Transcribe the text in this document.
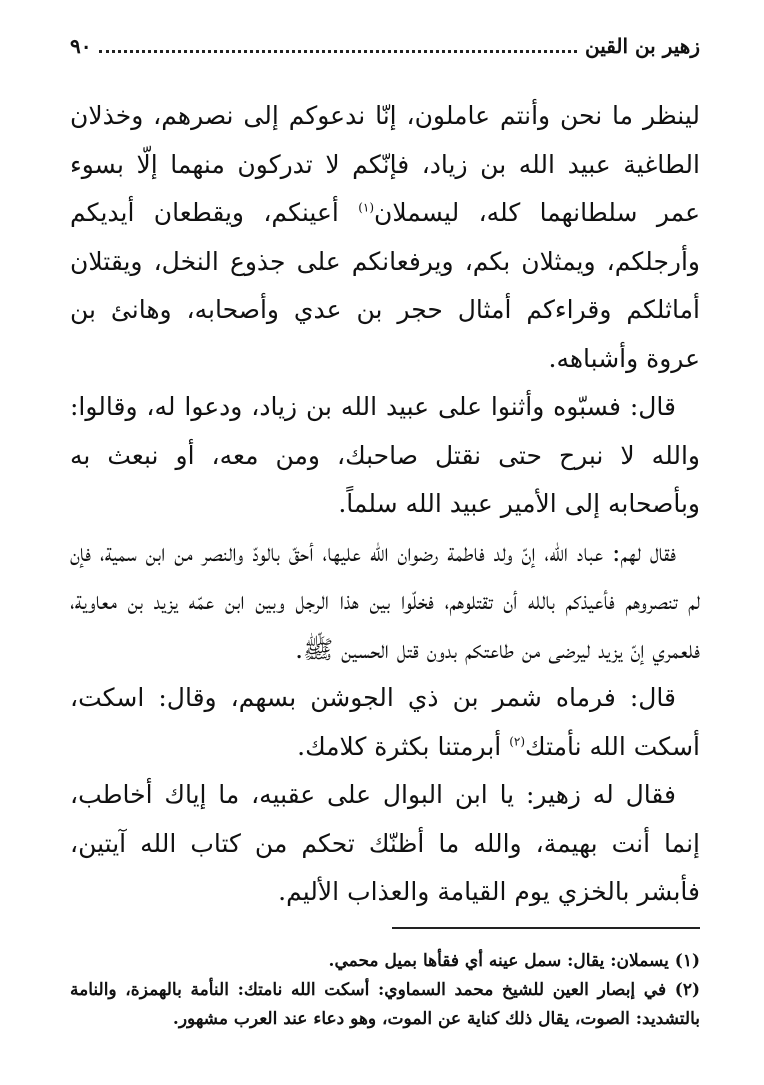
زهير بن القين
٩٠

لينظر ما نحن وأنتم عاملون، إنّا ندعوكم إلى نصرهم، وخذلان الطاغية عبيد الله بن زياد، فإنّكم لا تدركون منهما إلّا بسوء عمر سلطانهما كله، ليسملان$^{(١)}$ أعينكم، ويقطعان أيديكم وأرجلكم، ويمثلان بكم، ويرفعانكم على جذوع النخل، ويقتلان أماثلكم وقراءكم أمثال حجر بن عدي وأصحابه، وهانئ بن عروة وأشباهه.

قال: فسبّوه وأثنوا على عبيد الله بن زياد، ودعوا له، وقالوا: والله لا نبرح حتى نقتل صاحبك، ومن معه، أو نبعث به وبأصحابه إلى الأمير عبيد الله سلماً.

فقال لهم: عباد الله، إنّ ولد فاطمة رضوان الله عليها، أحقّ بالودّ والنصر من ابن سمية، فإن لم تنصروهم فأعيذكم بالله أن تقتلوهم، فخلّوا بين هذا الرجل وبين ابن عمّه يزيد بن معاوية، فلعمري إنّ يزيد ليرضى من طاعتكم بدون قتل الحسين ﷺ.

قال: فرماه شمر بن ذي الجوشن بسهم، وقال: اسكت، أسكت الله نأمتك$^{(٢)}$ أبرمتنا بكثرة كلامك.

فقال له زهير: يا ابن البوال على عقبيه، ما إياك أخاطب، إنما أنت بهيمة، والله ما أظنّك تحكم من كتاب الله آيتين، فأبشر بالخزي يوم القيامة والعذاب الأليم.

(١) يسملان: يقال: سمل عينه أي فقأها بميل محمي.

(٢) في إبصار العين للشيخ محمد السماوي: أسكت الله نامتك: النأمة بالهمزة، والنامة بالتشديد: الصوت، يقال ذلك كناية عن الموت، وهو دعاء عند العرب مشهور.
